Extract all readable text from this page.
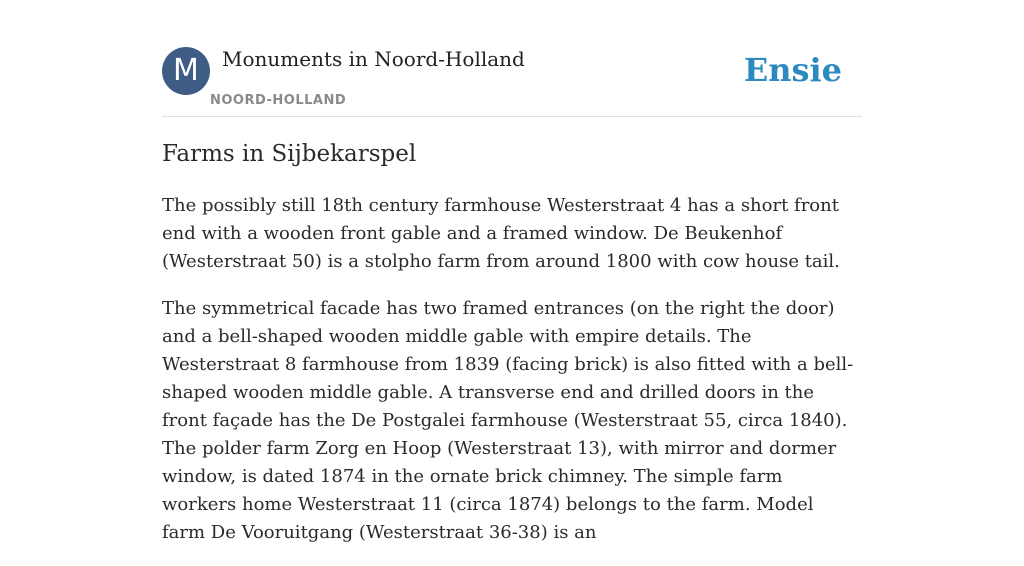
M	Monuments in Noord-Holland
NOORD-HOLLAND
Ensie
Farms in Sijbekarspel

The possibly still 18th century farmhouse Westerstraat 4 has a short front end with a wooden front gable and a framed window. De Beukenhof (Westerstraat 50) is a stolpho farm from around 1800 with cow house tail.

The symmetrical facade has two framed entrances (on the right the door) and a bell-shaped wooden middle gable with empire details. The Westerstraat 8 farmhouse from 1839 (facing brick) is also fitted with a bell-shaped wooden middle gable. A transverse end and drilled doors in the front façade has the De Postgalei farmhouse (Westerstraat 55, circa 1840). The polder farm Zorg en Hoop (Westerstraat 13), with mirror and dormer window, is dated 1874 in the ornate brick chimney. The simple farm workers home Westerstraat 11 (circa 1874) belongs to the farm. Model farm De Vooruitgang (Westerstraat 36-38) is an
